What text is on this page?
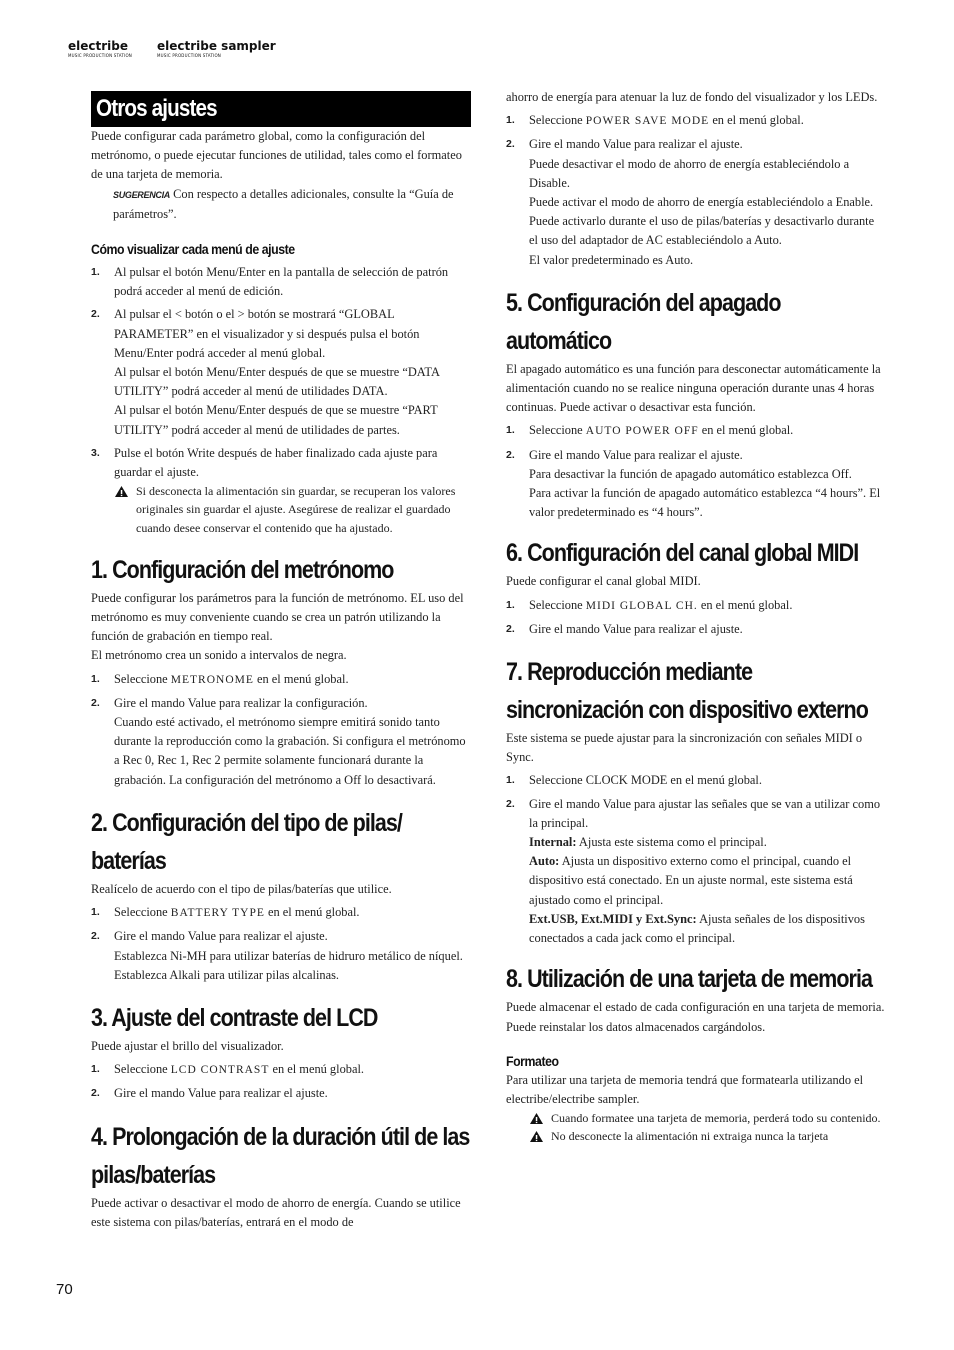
electribe
MUSIC PRODUCTION STATION
electribe sampler
MUSIC PRODUCTION STATION
Otros ajustes

Puede configurar cada parámetro global, como la configuración del metrónomo, o puede ejecutar funciones de utilidad, tales como el formateo de una tarjeta de memoria.

SUGERENCIA Con respecto a detalles adicionales, consulte la “Guía de parámetros”.

Cómo visualizar cada menú de ajuste
1. Al pulsar el botón Menu/Enter en la pantalla de selección de patrón podrá acceder al menú de edición.
2. Al pulsar el < botón o el > botón se mostrará “GLOBAL PARAMETER” en el visualizador y si después pulsa el botón Menu/Enter podrá acceder al menú global.
Al pulsar el botón Menu/Enter después de que se muestre “DATA UTILITY” podrá acceder al menú de utilidades DATA.
Al pulsar el botón Menu/Enter después de que se muestre “PART UTILITY” podrá acceder al menú de utilidades de partes.
3. Pulse el botón Write después de haber finalizado cada ajuste para guardar el ajuste.
Si desconecta la alimentación sin guardar, se recuperan los valores originales sin guardar el ajuste. Asegúrese de realizar el guardado cuando desee conservar el contenido que ha ajustado.
1. Configuración del metrónomo

Puede configurar los parámetros para la función de metrónomo. EL uso del metrónomo es muy conveniente cuando se crea un patrón utilizando la función de grabación en tiempo real.

El metrónomo crea un sonido a intervalos de negra.

1. Seleccione METRONOME en el menú global.
2. Gire el mando Value para realizar la configuración.
Cuando esté activado, el metrónomo siempre emitirá sonido tanto durante la reproducción como la grabación. Si configura el metrónomo a Rec 0, Rec 1, Rec 2 permite solamente funcionará durante la grabación. La configuración del metrónomo a Off lo desactivará.
2. Configuración del tipo de pilas/ baterías

Realícelo de acuerdo con el tipo de pilas/baterías que utilice.

1. Seleccione BATTERY TYPE en el menú global.
2. Gire el mando Value para realizar el ajuste.
Establezca Ni-MH para utilizar baterías de hidruro metálico de níquel. Establezca Alkali para utilizar pilas alcalinas.
3. Ajuste del contraste del LCD

Puede ajustar el brillo del visualizador.

1. Seleccione LCD CONTRAST en el menú global.
2. Gire el mando Value para realizar el ajuste.
4. Prolongación de la duración útil de las pilas/baterías

Puede activar o desactivar el modo de ahorro de energía. Cuando se utilice este sistema con pilas/baterías, entrará en el modo de

ahorro de energía para atenuar la luz de fondo del visualizador y los LEDs.

1. Seleccione POWER SAVE MODE en el menú global.
2. Gire el mando Value para realizar el ajuste.
Puede desactivar el modo de ahorro de energía estableciéndolo a Disable.
Puede activar el modo de ahorro de energía estableciéndolo a Enable.
Puede activarlo durante el uso de pilas/baterías y desactivarlo durante el uso del adaptador de AC estableciéndolo a Auto.
El valor predeterminado es Auto.
5. Configuración del apagado automático

El apagado automático es una función para desconectar automáticamente la alimentación cuando no se realice ninguna operación durante unas 4 horas continuas. Puede activar o desactivar esta función.

1. Seleccione AUTO POWER OFF en el menú global.
2. Gire el mando Value para realizar el ajuste.
Para desactivar la función de apagado automático establezca Off.
Para activar la función de apagado automático establezca “4 hours”. El valor predeterminado es “4 hours”.
6. Configuración del canal global MIDI

Puede configurar el canal global MIDI.

1. Seleccione MIDI GLOBAL CH. en el menú global.
2. Gire el mando Value para realizar el ajuste.
7. Reproducción mediante sincronización con dispositivo externo

Este sistema se puede ajustar para la sincronización con señales MIDI o Sync.

1. Seleccione CLOCK MODE en el menú global.
2. Gire el mando Value para ajustar las señales que se van a utilizar como la principal.
Internal: Ajusta este sistema como el principal.
Auto: Ajusta un dispositivo externo como el principal, cuando el dispositivo está conectado. En un ajuste normal, este sistema está ajustado como el principal.
Ext.USB, Ext.MIDI y Ext.Sync: Ajusta señales de los dispositivos conectados a cada jack como el principal.
8. Utilización de una tarjeta de memoria

Puede almacenar el estado de cada configuración en una tarjeta de memoria. Puede reinstalar los datos almacenados cargándolos.

Formateo

Para utilizar una tarjeta de memoria tendrá que formatearla utilizando el electribe/electribe sampler.

Cuando formatee una tarjeta de memoria, perderá todo su contenido.
No desconecte la alimentación ni extraiga nunca la tarjeta
70
